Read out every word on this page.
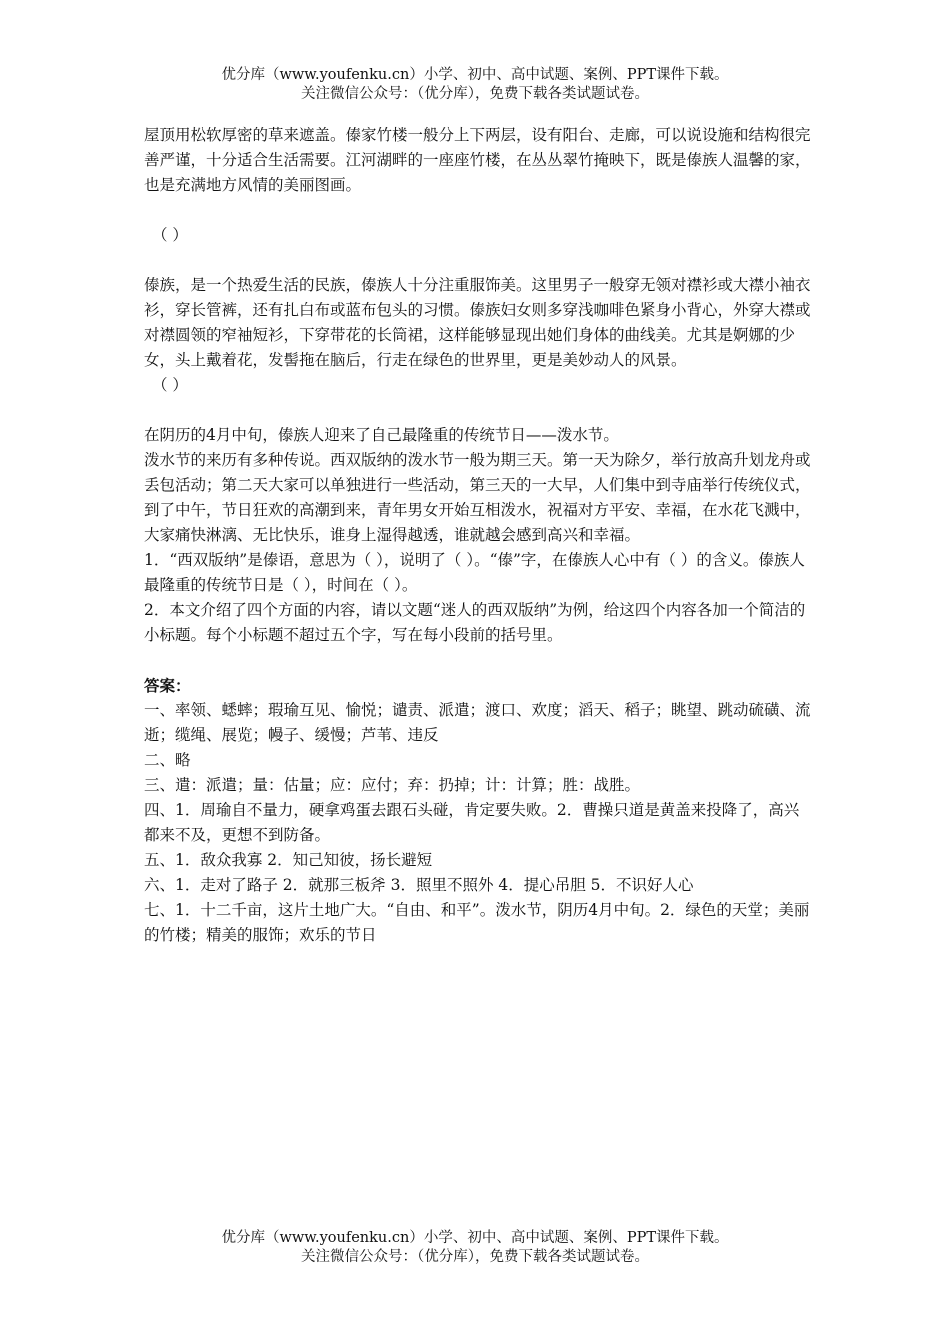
优分库（www.youfenku.cn）小学、初中、高中试题、案例、PPT课件下载。
关注微信公众号：（优分库），免费下载各类试题试卷。

屋顶用松软厚密的草来遮盖。傣家竹楼一般分上下两层，设有阳台、走廊，可以说设施和结构很完善严谨，十分适合生活需要。江河湖畔的一座座竹楼，在丛丛翠竹掩映下，既是傣族人温馨的家，也是充满地方风情的美丽图画。

（ ）

傣族，是一个热爱生活的民族，傣族人十分注重服饰美。这里男子一般穿无领对襟衫或大襟小袖衣衫，穿长管裤，还有扎白布或蓝布包头的习惯。傣族妇女则多穿浅咖啡色紧身小背心，外穿大襟或对襟圆领的窄袖短衫，下穿带花的长筒裙，这样能够显现出她们身体的曲线美。尤其是婀娜的少女，头上戴着花，发髻拖在脑后，行走在绿色的世界里，更是美妙动人的风景。

（ ）

在阴历的4月中旬，傣族人迎来了自己最隆重的传统节日——泼水节。

泼水节的来历有多种传说。西双版纳的泼水节一般为期三天。第一天为除夕，举行放高升划龙舟或丢包活动；第二天大家可以单独进行一些活动，第三天的一大早，人们集中到寺庙举行传统仪式，到了中午，节日狂欢的高潮到来，青年男女开始互相泼水，祝福对方平安、幸福，在水花飞溅中，大家痛快淋漓、无比快乐，谁身上湿得越透，谁就越会感到高兴和幸福。

1．“西双版纳”是傣语，意思为（ ），说明了（ ）。“傣”字，在傣族人心中有（ ）的含义。傣族人最隆重的传统节日是（ ），时间在（ ）。

2．本文介绍了四个方面的内容，请以文题“迷人的西双版纳”为例，给这四个内容各加一个简洁的小标题。每个小标题不超过五个字，写在每小段前的括号里。

答案：

一、率领、蟋蟀；瑕瑜互见、愉悦；谴责、派遣；渡口、欢度；滔天、稻子；眺望、跳动硫磺、流逝；缆绳、展览；幔子、缓慢；芦苇、违反

二、略

三、遣：派遣；量：估量；应：应付；弃：扔掉；计：计算；胜：战胜。

四、1．周瑜自不量力，硬拿鸡蛋去跟石头碰，肯定要失败。2．曹操只道是黄盖来投降了，高兴都来不及，更想不到防备。

五、1．敌众我寡 2．知己知彼，扬长避短

六、1．走对了路子 2．就那三板斧 3．照里不照外 4．提心吊胆 5．不识好人心

七、1．十二千亩，这片土地广大。“自由、和平”。泼水节，阴历4月中旬。2．绿色的天堂；美丽的竹楼；精美的服饰；欢乐的节日

优分库（www.youfenku.cn）小学、初中、高中试题、案例、PPT课件下载。
关注微信公众号：（优分库），免费下载各类试题试卷。
